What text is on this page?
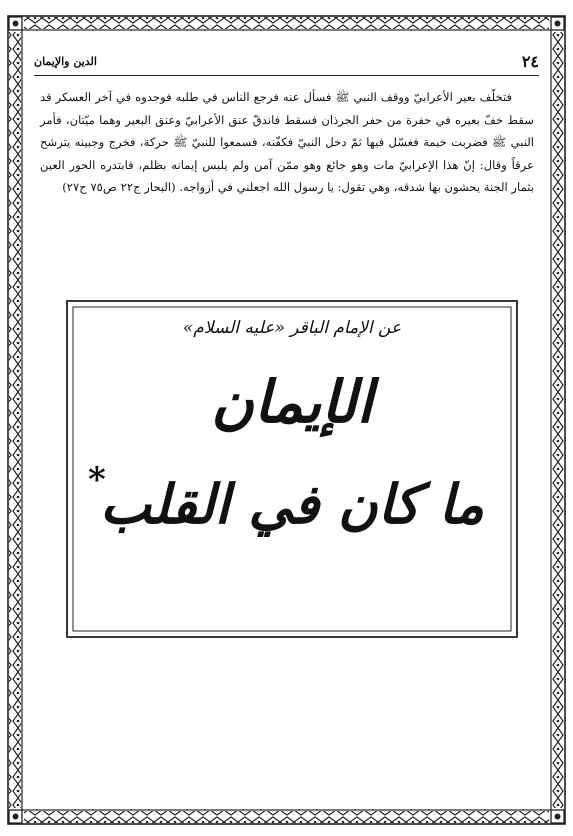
٢٤
الدين والإيمان

فتخلّف بعير الأعرابيّ ووقف النبي ﷺ فسأل عنه فرجع الناس في طلبه فوجدوه في آخر العسكر قد سقط خفّ بعيره في حفرة من حفر الجرذان فسقط فاندقّ عنق الأعرابيّ وعنق البعير وهما ميّتان، فأمر النبي ﷺ فضربت خيمة فغسّل فيها ثمّ دخل النبيّ فكفّنه، فسمعوا للنبيّ ﷺ حركة، فخرج وجبينه يترشح عرقاً وقال: إنّ هذا الإعرابيّ مات وهو جائع وهو ممّن آمن ولم يلبس إيمانه بظلم، فابتدره الحور العين بثمار الجنة يحشون بها شدقه، وهي تقول: يا رسول الله اجعلني في أزواجه. (البحار ج٢٢ ص٧٥ ح٢٧)

عن الإمام الباقر «عليه السلام»
الإيمان
ما كان في القلب
*
